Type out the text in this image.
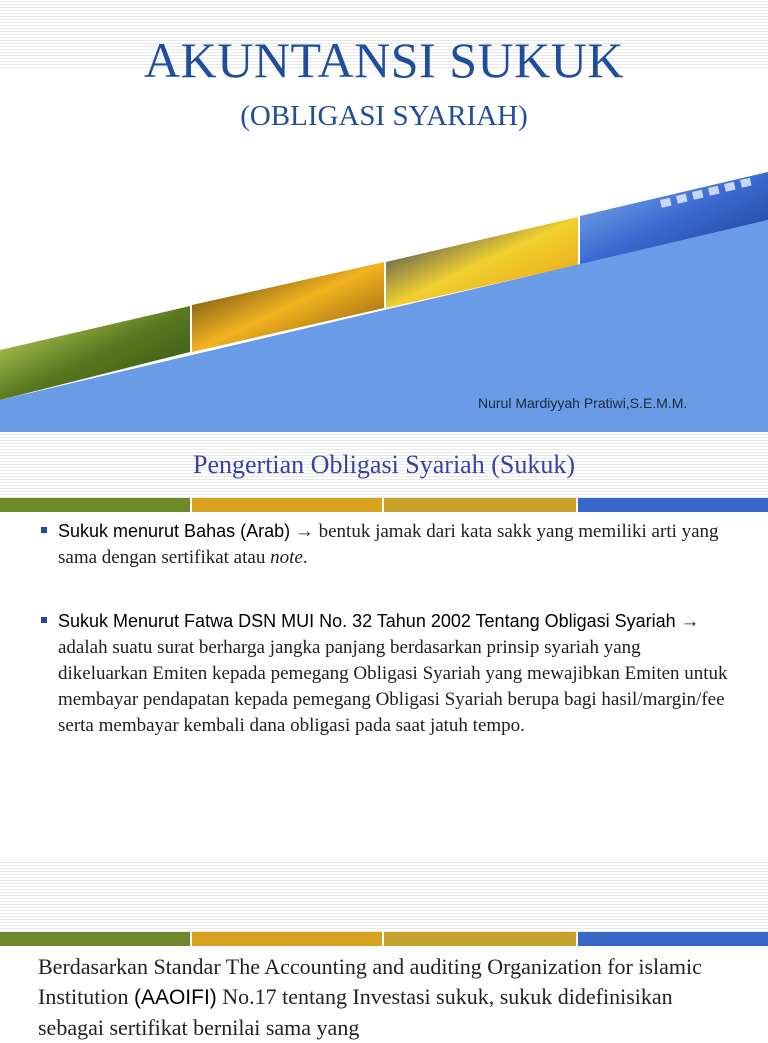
AKUNTANSI SUKUK
(OBLIGASI SYARIAH)
Nurul Mardiyyah Pratiwi,S.E.M.M.
Pengertian Obligasi Syariah (Sukuk)
Sukuk menurut Bahas (Arab) → bentuk jamak dari kata sakk yang memiliki arti yang sama dengan sertifikat atau note.
Sukuk Menurut Fatwa DSN MUI No. 32 Tahun 2002 Tentang Obligasi Syariah → adalah suatu surat berharga jangka panjang berdasarkan prinsip syariah yang dikeluarkan Emiten kepada pemegang Obligasi Syariah yang mewajibkan Emiten untuk membayar pendapatan kepada pemegang Obligasi Syariah berupa bagi hasil/margin/fee serta membayar kembali dana obligasi pada saat jatuh tempo.
Berdasarkan Standar The Accounting and auditing Organization for islamic Institution (AAOIFI) No.17 tentang Investasi sukuk, sukuk didefinisikan sebagai sertifikat bernilai sama yang
